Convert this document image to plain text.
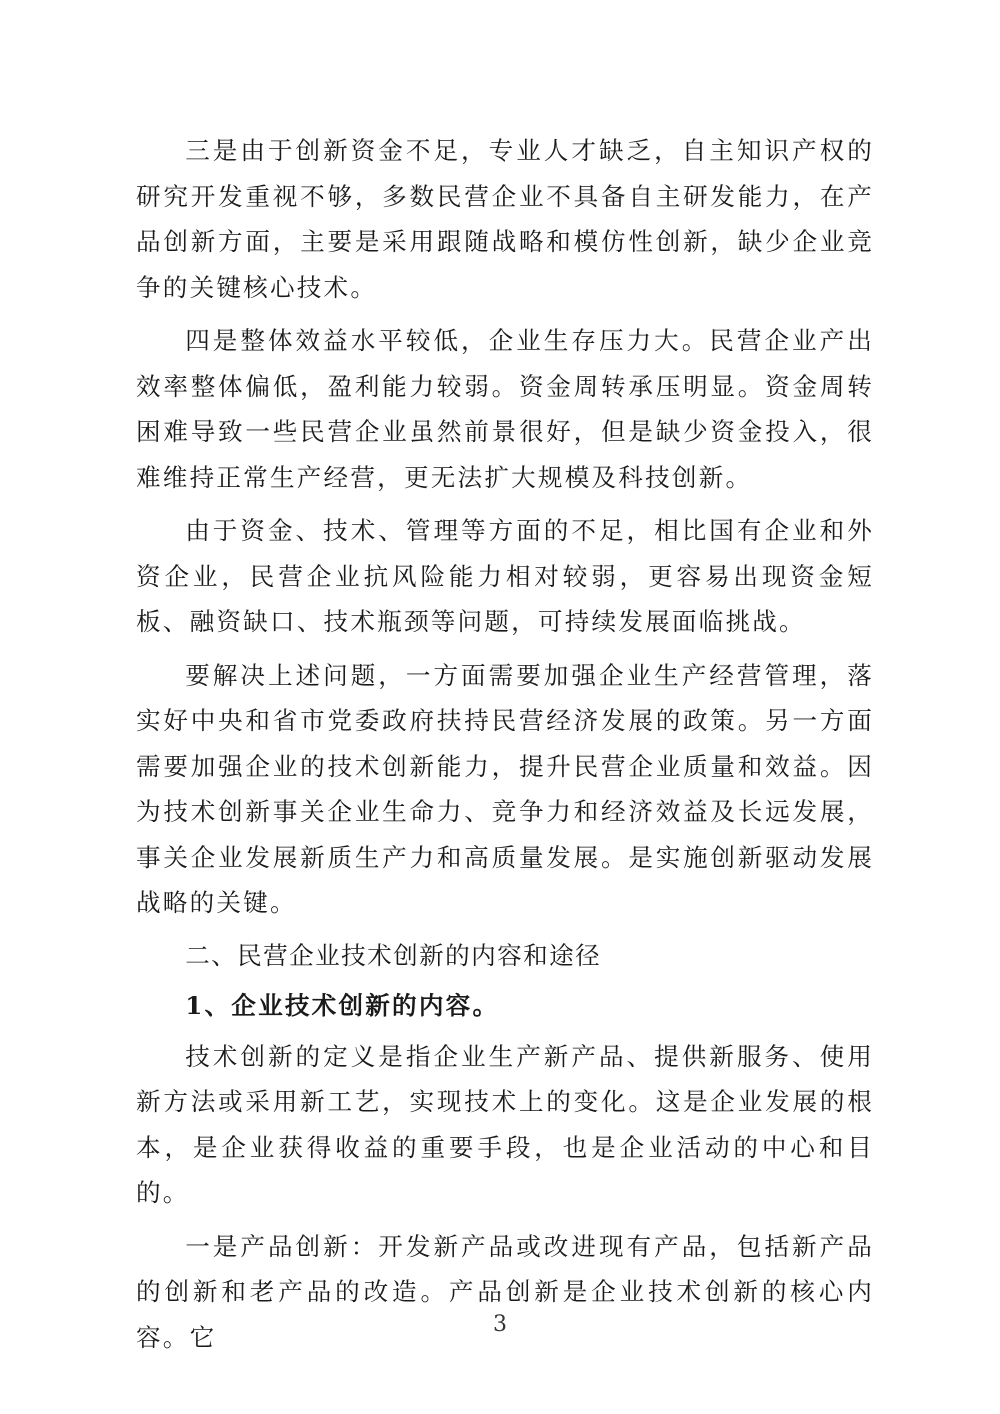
三是由于创新资金不足，专业人才缺乏，自主知识产权的研究开发重视不够，多数民营企业不具备自主研发能力，在产品创新方面，主要是采用跟随战略和模仿性创新，缺少企业竞争的关键核心技术。

四是整体效益水平较低，企业生存压力大。民营企业产出效率整体偏低，盈利能力较弱。资金周转承压明显。资金周转困难导致一些民营企业虽然前景很好，但是缺少资金投入，很难维持正常生产经营，更无法扩大规模及科技创新。

由于资金、技术、管理等方面的不足，相比国有企业和外资企业，民营企业抗风险能力相对较弱，更容易出现资金短板、融资缺口、技术瓶颈等问题，可持续发展面临挑战。

要解决上述问题，一方面需要加强企业生产经营管理，落实好中央和省市党委政府扶持民营经济发展的政策。另一方面需要加强企业的技术创新能力，提升民营企业质量和效益。因为技术创新事关企业生命力、竞争力和经济效益及长远发展，事关企业发展新质生产力和高质量发展。是实施创新驱动发展战略的关键。

二、民营企业技术创新的内容和途径

1、企业技术创新的内容。

技术创新的定义是指企业生产新产品、提供新服务、使用新方法或采用新工艺，实现技术上的变化。这是企业发展的根本，是企业获得收益的重要手段，也是企业活动的中心和目的。

一是产品创新：开发新产品或改进现有产品，包括新产品的创新和老产品的改造。产品创新是企业技术创新的核心内容。它	3
